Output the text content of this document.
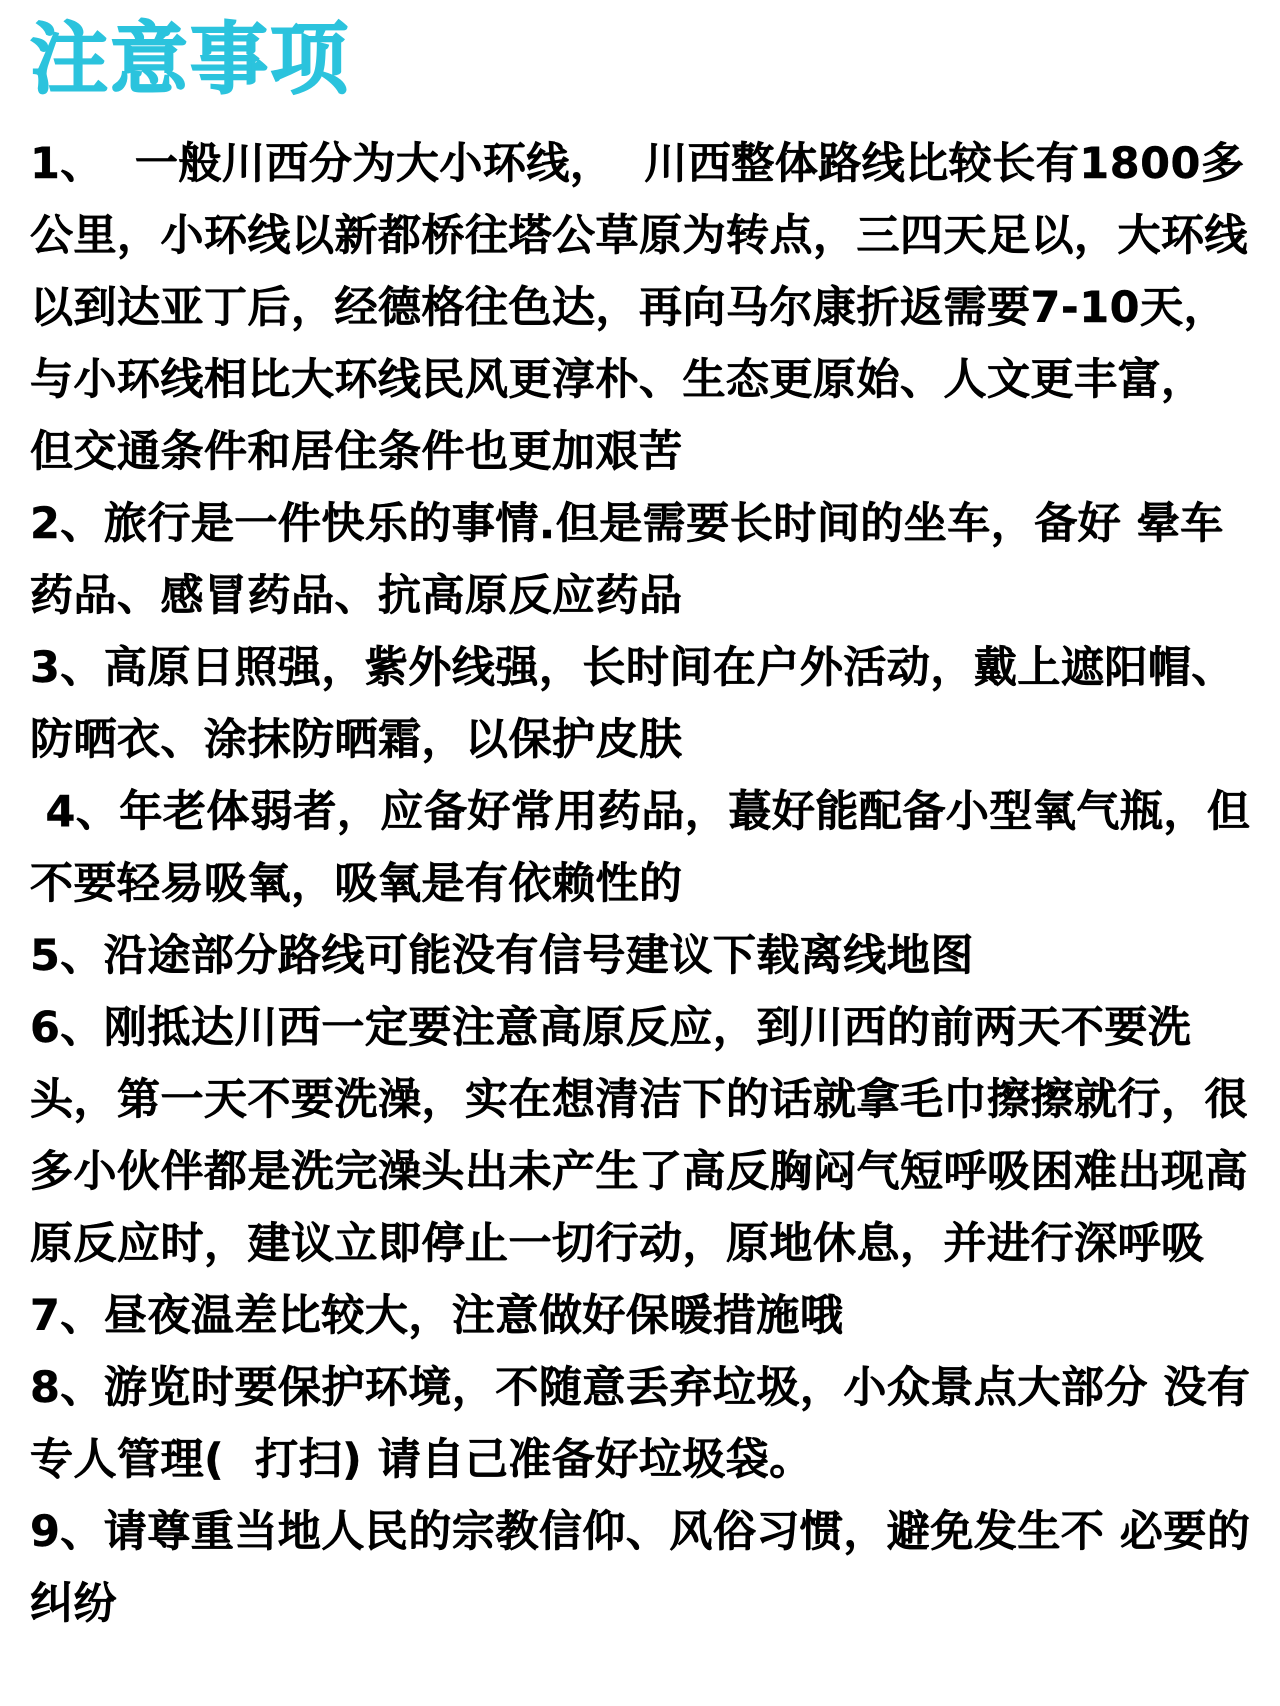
注意事项

1、  一般川西分为大小环线，  川西整体路线比较长有1800多公里，小环线以新都桥往塔公草原为转点，三四天足以，大环线以到达亚丁后，经德格往色达，再向马尔康折返需要7-10天，  与小环线相比大环线民风更淳朴、生态更原始、人文更丰富，  但交通条件和居住条件也更加艰苦

2、旅行是一件快乐的事情.但是需要长时间的坐车，备好 晕车药品、感冒药品、抗高原反应药品

3、高原日照强，紫外线强，长时间在户外活动，戴上遮阳帽、防晒衣、涂抹防晒霜，以保护皮肤

4、年老体弱者，应备好常用药品，蕞好能配备小型氧气瓶，但不要轻易吸氧，吸氧是有依赖性的

5、沿途部分路线可能没有信号建议下载离线地图

6、刚抵达川西一定要注意高原反应，到川西的前两天不要洗头，第一天不要洗澡，实在想清洁下的话就拿毛巾擦擦就行，很多小伙伴都是洗完澡头出未产生了高反胸闷气短呼吸困难出现高原反应时，建议立即停止一切行动，原地休息，并进行深呼吸

7、昼夜温差比较大，注意做好保暖措施哦

8、游览时要保护环境，不随意丢弃垃圾，小众景点大部分 没有专人管理(  打扫) 请自己准备好垃圾袋。

9、请尊重当地人民的宗教信仰、风俗习惯，避免发生不 必要的纠纷
